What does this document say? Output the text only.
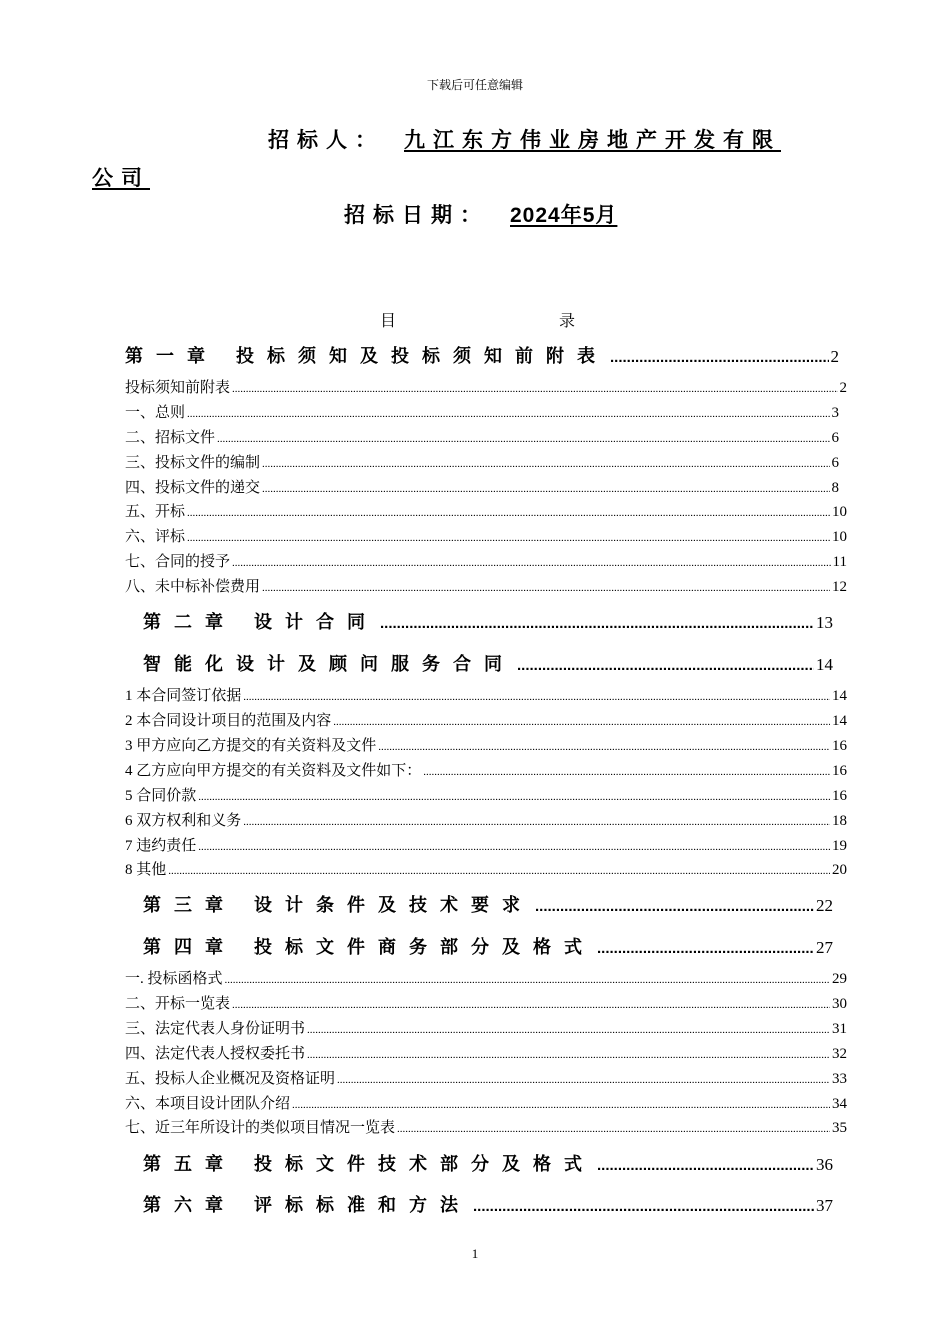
下载后可任意编辑
招标人： 九江东方伟业房地产开发有限
公司
招标日期： 2024年5月
目	录
第一章 投标须知及投标须知前附表 .....	2
投标须知前附表 .....	2
一、总则 .....	3
二、招标文件 .....	6
三、投标文件的编制 .....	6
四、投标文件的递交 .....	8
五、开标 .....	10
六、评标 .....	10
七、合同的授予 .....	11
八、未中标补偿费用 .....	12
第二章 设计合同 .....	13
智能化设计及顾问服务合同 .....	14
1 本合同签订依据 .....	14
2 本合同设计项目的范围及内容 .....	14
3 甲方应向乙方提交的有关资料及文件 .....	16
4 乙方应向甲方提交的有关资料及文件如下： .....	16
5 合同价款 .....	16
6 双方权利和义务 .....	18
7 违约责任 .....	19
8 其他 .....	20
第三章 设计条件及技术要求 .....	22
第四章 投标文件商务部分及格式 .....	27
一. 投标函格式 .....	29
二、开标一览表 .....	30
三、法定代表人身份证明书 .....	31
四、法定代表人授权委托书 .....	32
五、投标人企业概况及资格证明 .....	33
六、本项目设计团队介绍 .....	34
七、近三年所设计的类似项目情况一览表 .....	35
第五章 投标文件技术部分及格式 .....	36
第六章 评标标准和方法 .....	37
1
